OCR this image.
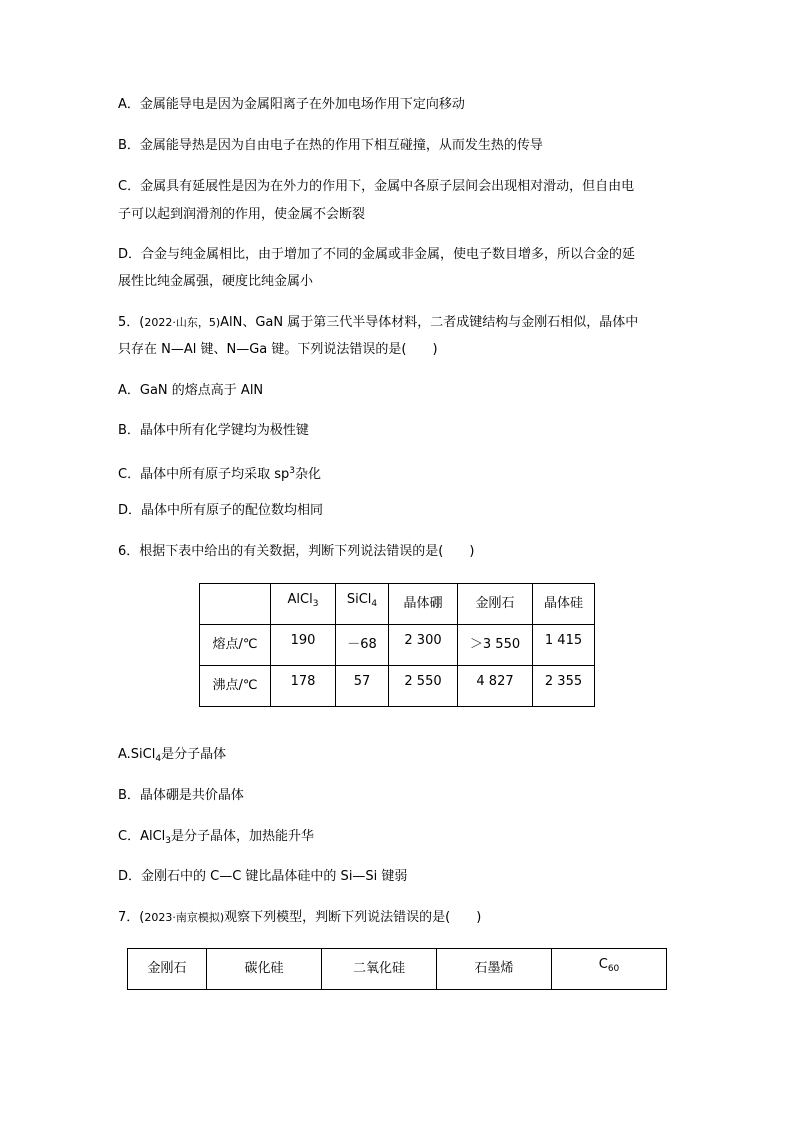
A．金属能导电是因为金属阳离子在外加电场作用下定向移动
B．金属能导热是因为自由电子在热的作用下相互碰撞，从而发生热的传导
C．金属具有延展性是因为在外力的作用下，金属中各原子层间会出现相对滑动，但自由电
子可以起到润滑剂的作用，使金属不会断裂
D．合金与纯金属相比，由于增加了不同的金属或非金属，使电子数目增多，所以合金的延
展性比纯金属强，硬度比纯金属小
5．(2022·山东，5)AlN、GaN 属于第三代半导体材料，二者成键结构与金刚石相似，晶体中
只存在 N—Al 键、N—Ga 键。下列说法错误的是(　　)
A．GaN 的熔点高于 AlN
B．晶体中所有化学键均为极性键
C．晶体中所有原子均采取 $sp^3$杂化
D．晶体中所有原子的配位数均相同
6．根据下表中给出的有关数据，判断下列说法错误的是(　　)

	AlCl$_3$	SiCl$_4$	晶体硼	金刚石	晶体硅

熔点/℃	190	－68	2 300	＞3 550	1 415

沸点/℃	178	57	2 550	4 827	2 355
A.SiCl$_4$是分子晶体
B．晶体硼是共价晶体
C．AlCl$_3$是分子晶体，加热能升华
D．金刚石中的 C—C 键比晶体硅中的 Si—Si 键弱
7．(2023·南京模拟)观察下列模型，判断下列说法错误的是(　　)
金刚石	碳化硅	二氧化硅	石墨烯	$C_{60}$
